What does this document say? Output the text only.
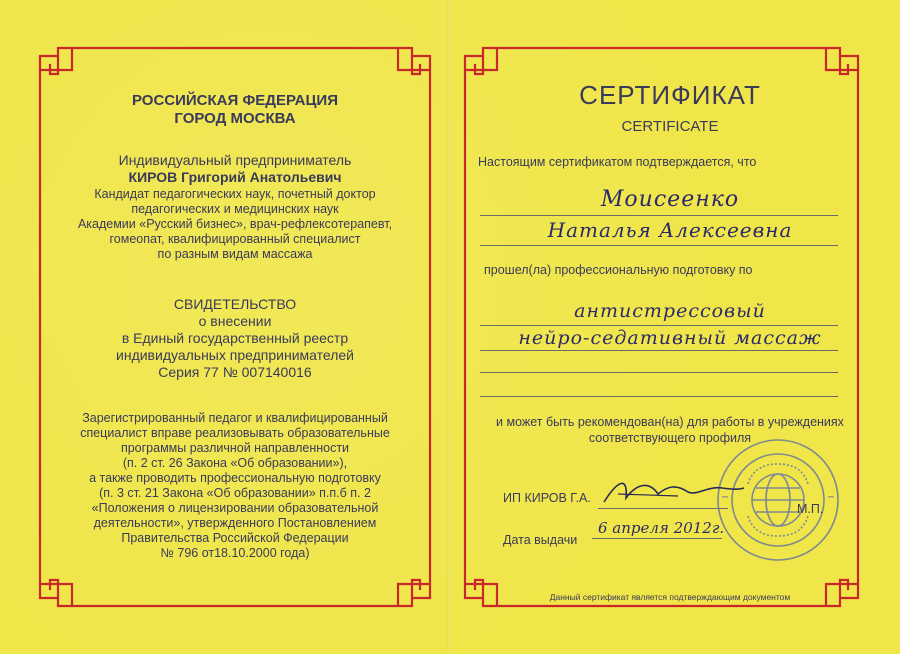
РОССИЙСКАЯ ФЕДЕРАЦИЯ
ГОРОД МОСКВА
Индивидуальный предприниматель
КИРОВ Григорий Анатольевич
Кандидат педагогических наук, почетный доктор
педагогических и медицинских наук
Академии «Русский бизнес», врач-рефлексотерапевт,
гомеопат, квалифицированный специалист
по разным видам массажа
СВИДЕТЕЛЬСТВО
о внесении
в Единый государственный реестр
индивидуальных предпринимателей
Серия 77 № 007140016
Зарегистрированный педагог и квалифицированный
специалист вправе реализовывать образовательные
программы различной направленности
(п. 2 ст. 26 Закона «Об образовании»),
а также проводить профессиональную подготовку
(п. 3 ст. 21 Закона «Об образовании» п.п.б п. 2
«Положения о лицензировании образовательной
деятельности», утвержденного Постановлением
Правительства Российской Федерации
№ 796 от18.10.2000 года)
СЕРТИФИКАТ
CERTIFICATE
Настоящим сертификатом подтверждается, что
Моисеенко
Наталья Алексеевна
прошел(ла) профессиональную подготовку по
антистрессовый
нейро-седативный массаж
и может быть рекомендован(на) для работы в учреждениях
соответствующего профиля
ИП КИРОВ Г.А.
М.П.
Дата выдачи
6 апреля 2012г.
Данный сертификат является подтверждающим документом
